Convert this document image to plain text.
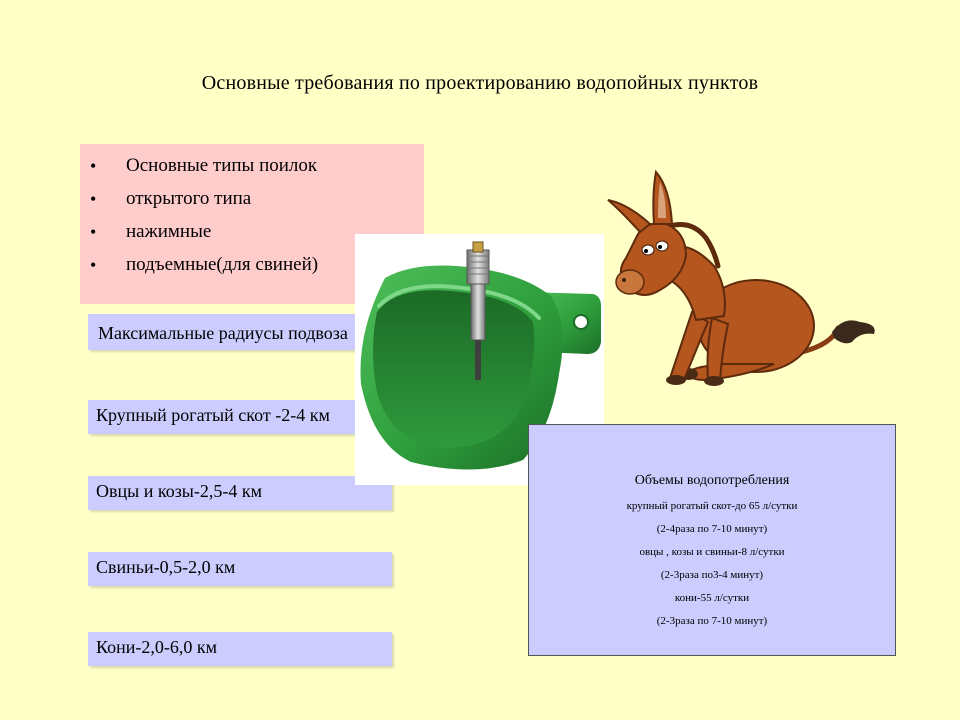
Основные требования по проектированию водопойных пунктов
• Основные типы поилок
• открытого типа
• нажимные
• подъемные(для свиней)
Максимальные радиусы подвоза
Крупный рогатый скот -2-4 км
Овцы и козы-2,5-4 км
Свиньи-0,5-2,0 км
Кони-2,0-6,0 км
Объемы водопотребления
крупный рогатый скот-до 65 л/сутки
(2-4раза по 7-10 минут)
овцы , козы и свиньи-8 л/сутки
(2-3раза по3-4 минут)
кони-55 л/сутки
(2-3раза по 7-10 минут)
